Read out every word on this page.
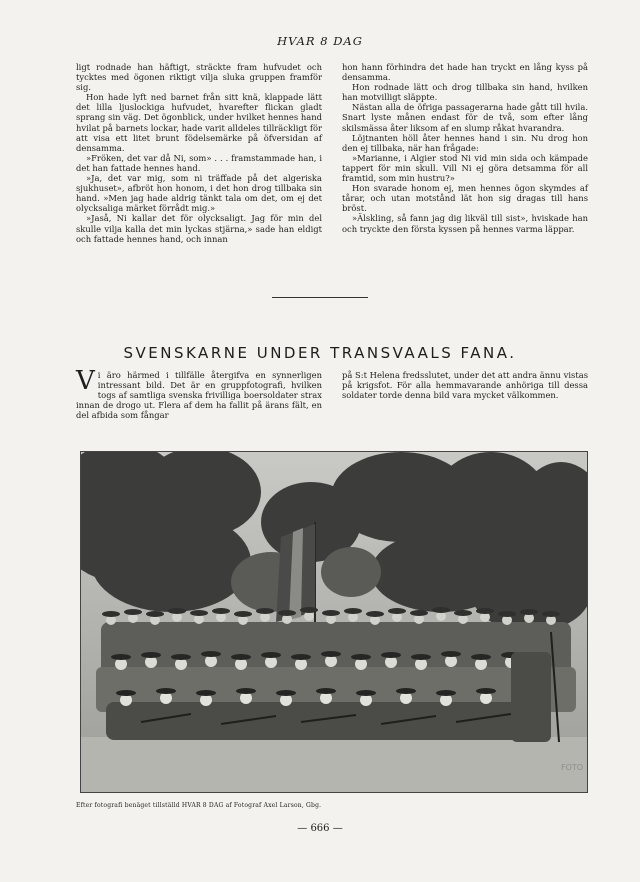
HVAR 8 DAG

ligt rodnade han häftigt, sträckte fram hufvudet och tycktes med ögonen riktigt vilja sluka gruppen framför sig.

Hon hade lyft ned barnet från sitt knä, klappade lätt det lilla ljuslockiga hufvudet, hvarefter flickan gladt sprang sin väg. Det ögonblick, under hvilket hennes hand hvilat på barnets lockar, hade varit alldeles tillräckligt för att visa ett litet brunt födelsemärke på öfversidan af densamma.

»Fröken, det var då Ni, som» . . . framstammade han, i det han fattade hennes hand.

»Ja, det var mig, som ni träffade på det algeriska sjukhuset», afbröt hon honom, i det hon drog tillbaka sin hand. »Men jag hade aldrig tänkt tala om det, om ej det olycksaliga märket förrådt mig.»

»Jaså, Ni kallar det för olycksaligt. Jag för min del skulle vilja kalla det min lyckas stjärna,» sade han eldigt och fattade hennes hand, och innan

hon hann förhindra det hade han tryckt en lång kyss på densamma.

Hon rodnade lätt och drog tillbaka sin hand, hvilken han motvilligt släppte.

Nästan alla de öfriga passagerarna hade gått till hvila. Snart lyste månen endast för de två, som efter lång skilsmässa åter liksom af en slump råkat hvarandra.

Löjtnanten höll åter hennes hand i sin. Nu drog hon den ej tillbaka, när han frågade:

»Marianne, i Algier stod Ni vid min sida och kämpade tappert för min skull. Vill Ni ej göra detsamma för all framtid, som min hustru?»

Hon svarade honom ej, men hennes ögon skymdes af tårar, och utan motstånd lät hon sig dragas till hans bröst.

»Älskling, så fann jag dig likväl till sist», hviskade han och tryckte den första kyssen på hennes varma läppar.

SVENSKARNE UNDER TRANSVAALS FANA.

Vi äro härmed i tillfälle återgifva en synnerligen intressant bild. Det är en gruppfotografi, hvilken togs af samtliga svenska frivilliga boersoldater strax innan de drogo ut. Flera af dem ha fallit på ärans fält, en del afbida som fångar

på S:t Helena fredsslutet, under det att andra ännu vistas på krigsfot. För alla hemmavarande anhöriga till dessa soldater torde denna bild vara mycket välkommen.

FOTO
Efter fotografi benäget tillställd HVAR 8 DAG af Fotograf Axel Larson, Gbg.
— 666 —
